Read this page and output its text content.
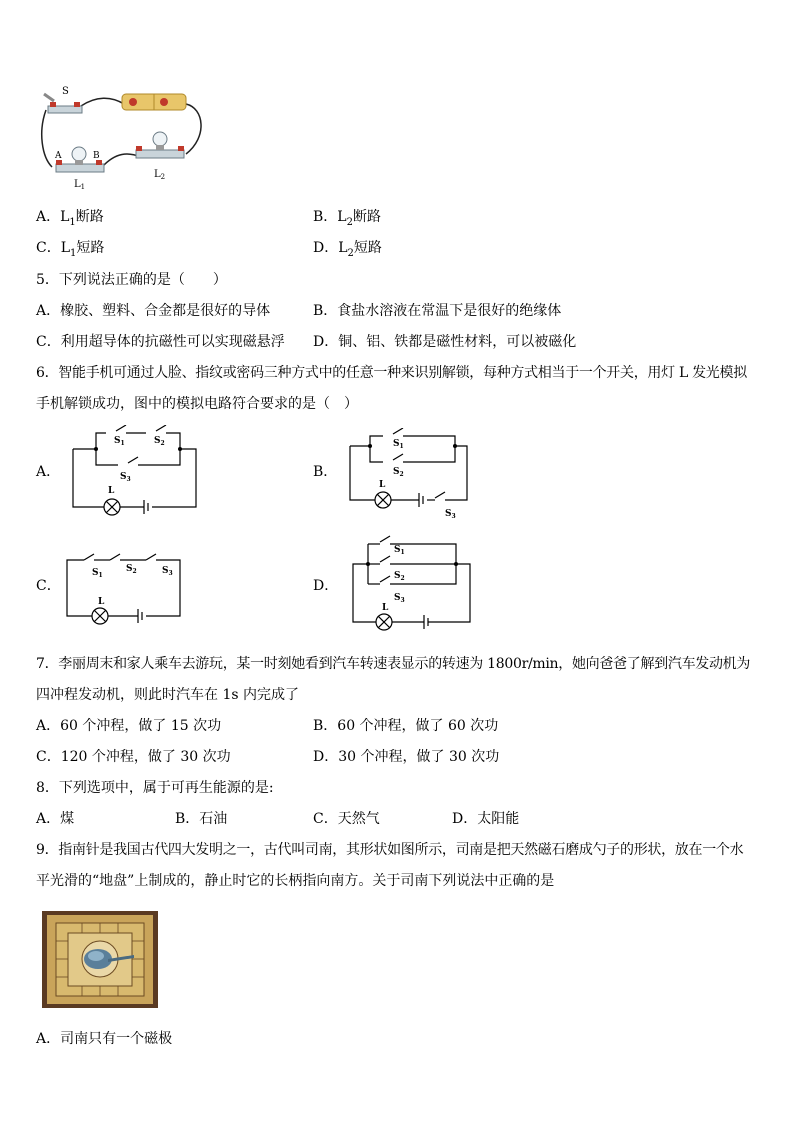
S
A	B
$L_1$
$L_2$
A．$L_1$断路	B．$L_2$断路
C．$L_1$短路	D．$L_2$短路
5．下列说法正确的是（　　）
A．橡胶、塑料、合金都是很好的导体	B．食盐水溶液在常温下是很好的绝缘体
C．利用超导体的抗磁性可以实现磁悬浮 D．铜、铝、铁都是磁性材料，可以被磁化
6．智能手机可通过人脸、指纹或密码三种方式中的任意一种来识别解锁，每种方式相当于一个开关，用灯 L 发光模拟
手机解锁成功，图中的模拟电路符合要求的是（　）
A．	B．
C．	D．
$S_1$	$S_2$
$S_3$
L
$S_1$
$S_2$
$S_3$
L
$S_1$
$S_2$	$S_3$
L
$S_1$
$S_2$
$S_3$
L
7．李丽周末和家人乘车去游玩，某一时刻她看到汽车转速表显示的转速为 1800r/min，她向爸爸了解到汽车发动机为
四冲程发动机，则此时汽车在 1s 内完成了
A．60 个冲程，做了 15 次功	B．60 个冲程，做了 60 次功
C．120 个冲程，做了 30 次功	D．30 个冲程，做了 30 次功
8．下列选项中，属于可再生能源的是:
A．煤	B．石油	C．天然气	D．太阳能
9．指南针是我国古代四大发明之一，古代叫司南，其形状如图所示，司南是把天然磁石磨成勺子的形状，放在一个水
平光滑的“地盘”上制成的，静止时它的长柄指向南方。关于司南下列说法中正确的是
A．司南只有一个磁极
